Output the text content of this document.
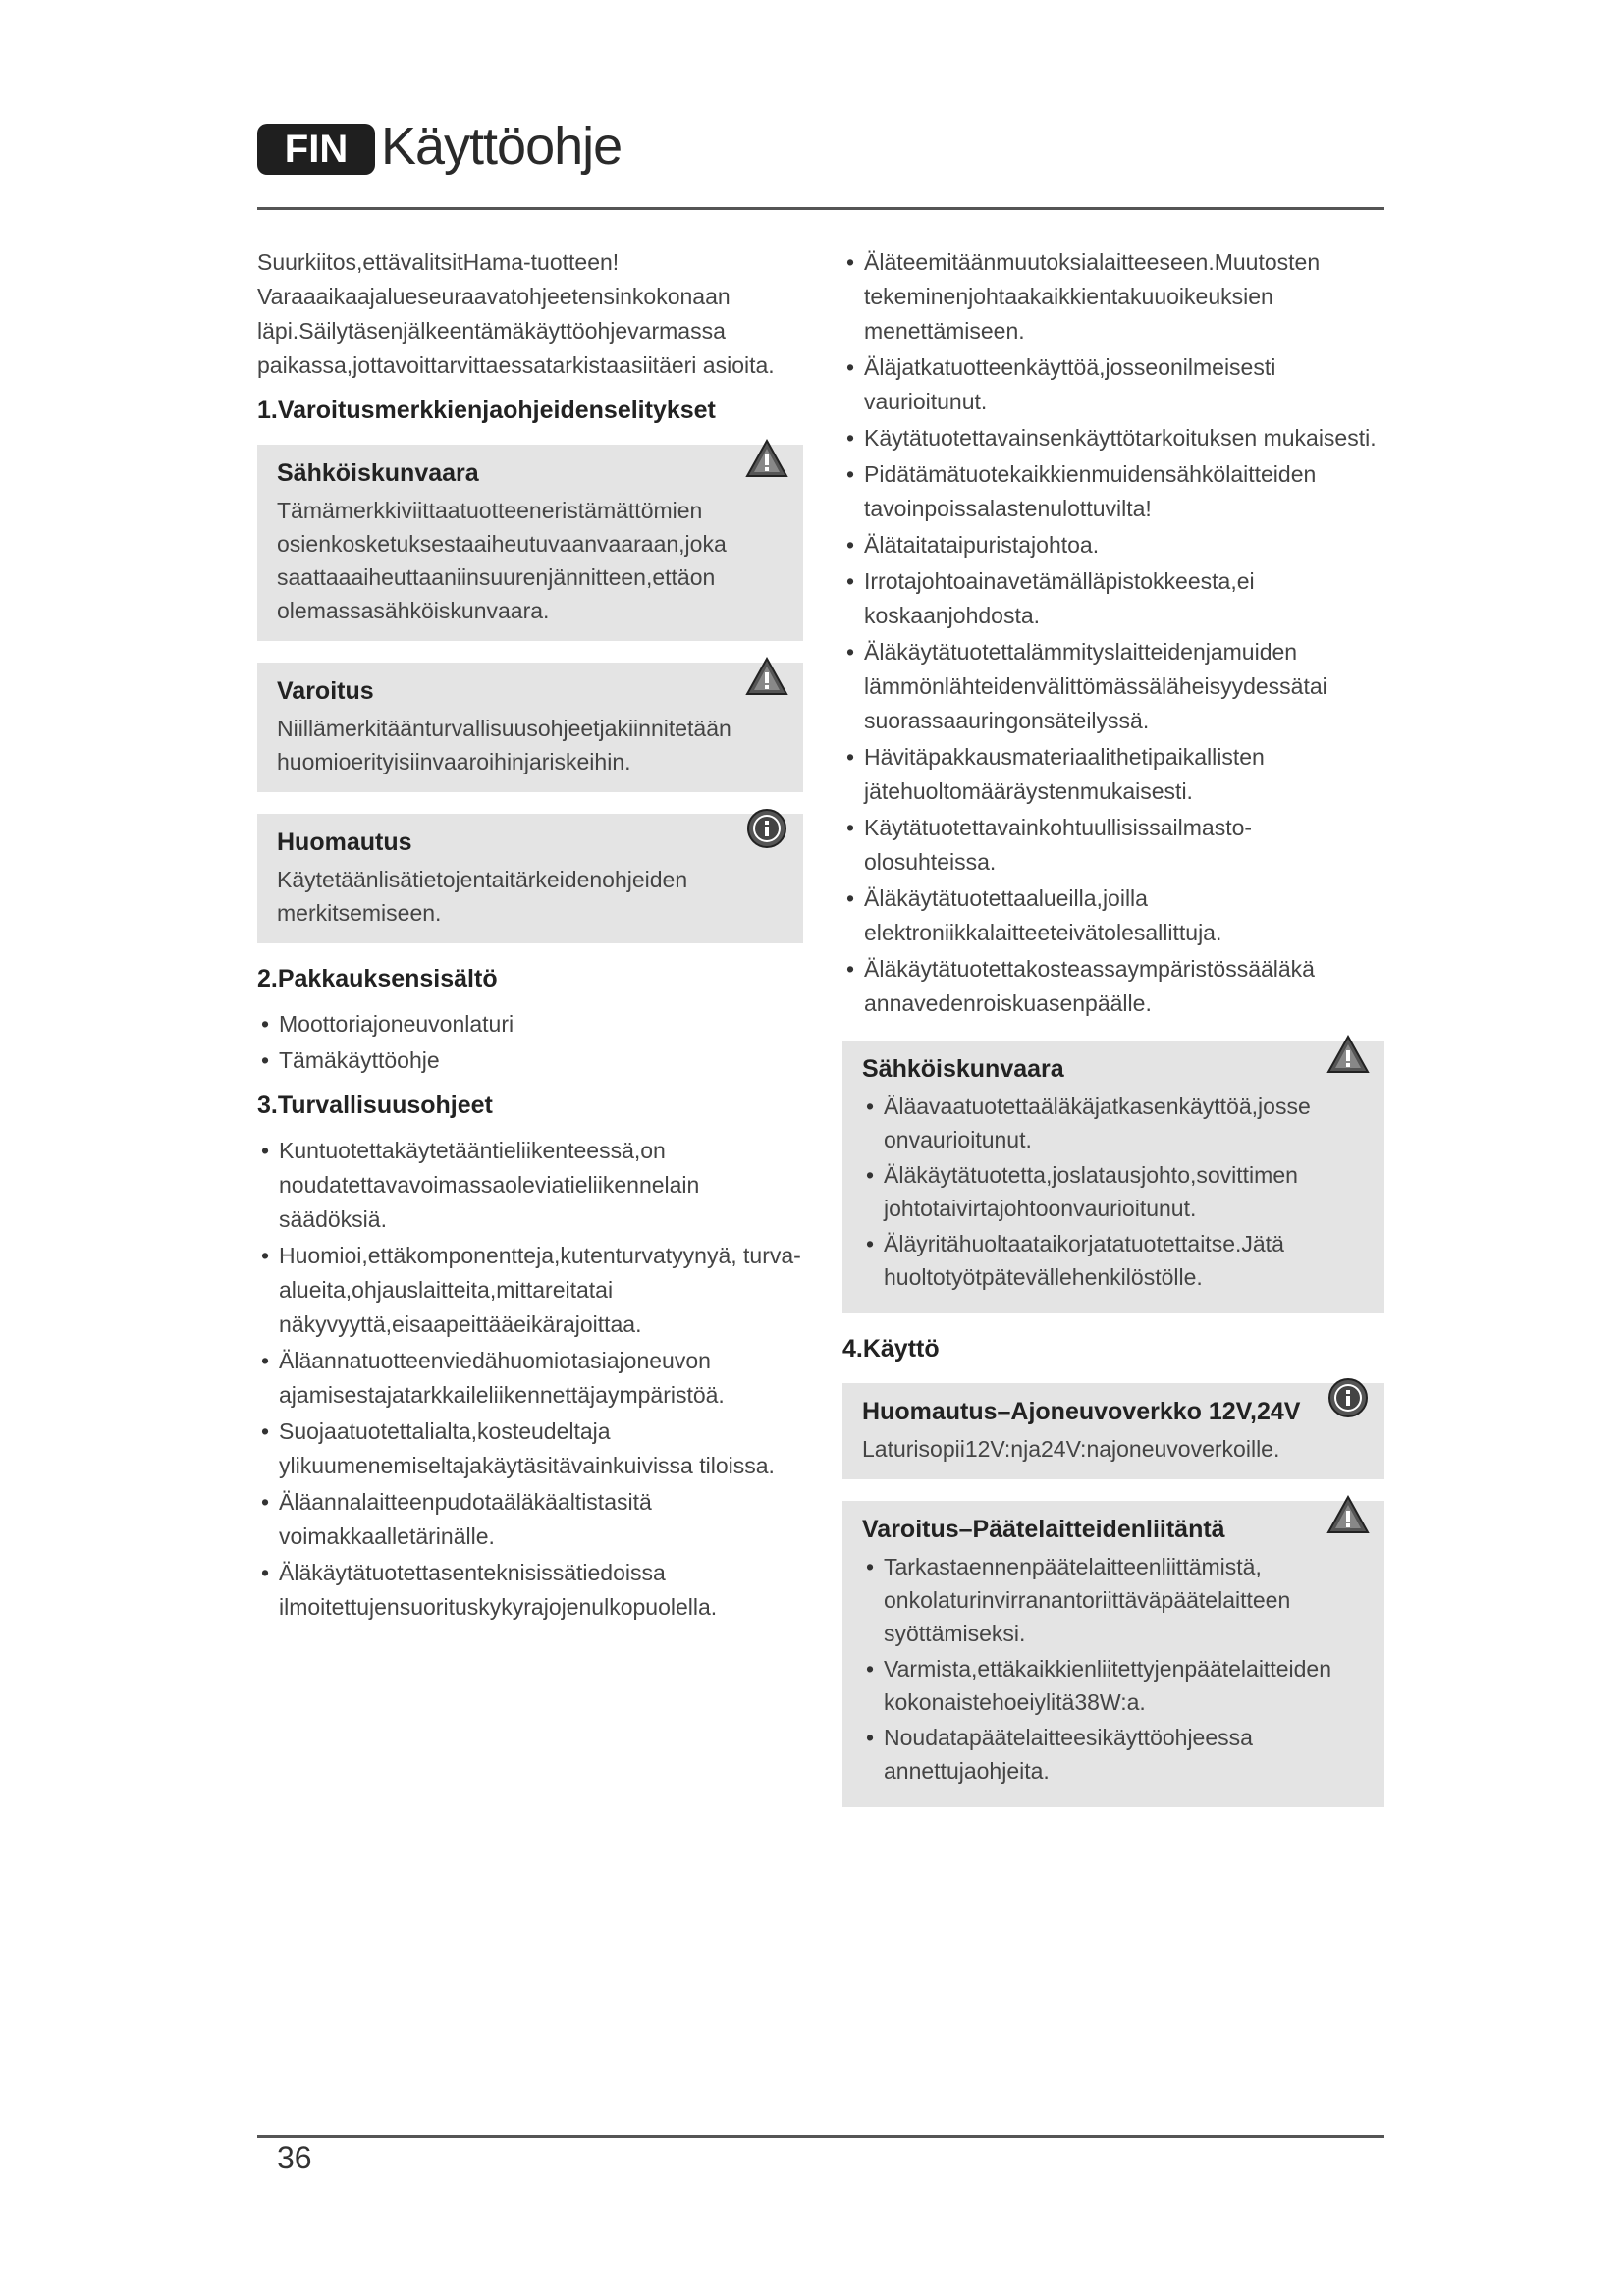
FIN Käyttöohje

Suurkiitos,ettävalitsitHama-tuotteen! Varaaaikaajalueseuraavatohjeetensinkokonaan läpi.Säilytäsenjälkeentämäkäyttöohjevarmassa paikassa,jottavoittarvittaessatarkistaasiitäeri asioita.

1.Varoitusmerkkienjaohjeidenselitykset
Sähköiskunvaara
Tämämerkkiviittaatuotteeneristämättömien osienkosketuksestaaiheutuvaanvaaraan,joka saattaaaiheuttaaniinsuurenjännitteen,ettäon olemassasähköiskunvaara.
Varoitus
Niillämerkitäänturvallisuusohjeetjakiinnitetään huomioerityisiinvaaroihinjariskeihin.
Huomautus
Käytetäänlisätietojentaitärkeidenohjeiden merkitsemiseen.
2.Pakkauksensisältö
• Moottoriajoneuvonlaturi
• Tämäkäyttöohje
3.Turvallisuusohjeet
• Kuntuotettakäytetääntieliikenteessä,on noudatettavavoimassaoleviatieliikennelain säädöksiä.
• Huomioi,ettäkomponentteja,kutenturvatyynyä, turva-alueita,ohjauslaitteita,mittareitatai näkyvyyttä,eisaapeittääeikärajoittaa.
• Äläannatuotteenviedähuomiotasiajoneuvon ajamisestajatarkkaileliikennettäjaympäristöä.
• Suojaatuotettalialta,kosteudeltaja ylikuumenemiseltajakäytäsitävainkuivissa tiloissa.
• Äläannalaitteenpudotaäläkäaltistasitä voimakkaalletärinälle.
• Äläkäytätuotettasenteknisissätiedoissa ilmoitettujensuorituskykyrajojenulkopuolella.
• Äläteemitäänmuutoksialaitteeseen.Muutosten tekeminenjohtaakaikkientakuuoikeuksien menettämiseen.
• Äläjatkatuotteenkäyttöä,josseonilmeisesti vaurioitunut.
• Käytätuotettavainsenkäyttötarkoituksen mukaisesti.
• Pidätämätuotekaikkienmuidensähkölaitteiden tavoinpoissalastenulottuvilta!
• Älätaitataipuristajohtoa.
• Irrotajohtoainavetämälläpistokkeesta,ei koskaanjohdosta.
• Äläkäytätuotettalämmityslaitteidenjamuiden lämmönlähteidenvälittömässäläheisyydessätai suorassaauringonsäteilyssä.
• Hävitäpakkausmateriaalithetipaikallisten jätehuoltomääräystenmukaisesti.
• Käytätuotettavainkohtuullisissailmasto- olosuhteissa.
• Äläkäytätuotettaalueilla,joilla elektroniikkalaitteeteivätolesallittuja.
• Äläkäytätuotettakosteassaympäristössääläkä annavedenroiskuasenpäälle.
Sähköiskunvaara
• Äläavaatuotettaäläkäjatkasenkäyttöä,josse onvaurioitunut.
• Äläkäytätuotetta,joslatausjohto,sovittimen johtotaivirtajohtoonvaurioitunut.
• Äläyritähuoltaataikorjatatuotettaitse.Jätä huoltotyötpätevällehenkilöstölle.
4.Käyttö
Huomautus–Ajoneuvoverkko 12V,24V
Laturisopii12V:nja24V:najoneuvoverkoille.
Varoitus–Päätelaitteidenliitäntä
• Tarkastaennenpäätelaitteenliittämistä, onkolaturinvirranantoriittäväpäätelaitteen syöttämiseksi.
• Varmista,ettäkaikkienliitettyjenpäätelaitteiden kokonaistehoeiylitä38W:a.
• Noudatapäätelaitteesikäyttöohjeessa annettujaohjeita.
36
